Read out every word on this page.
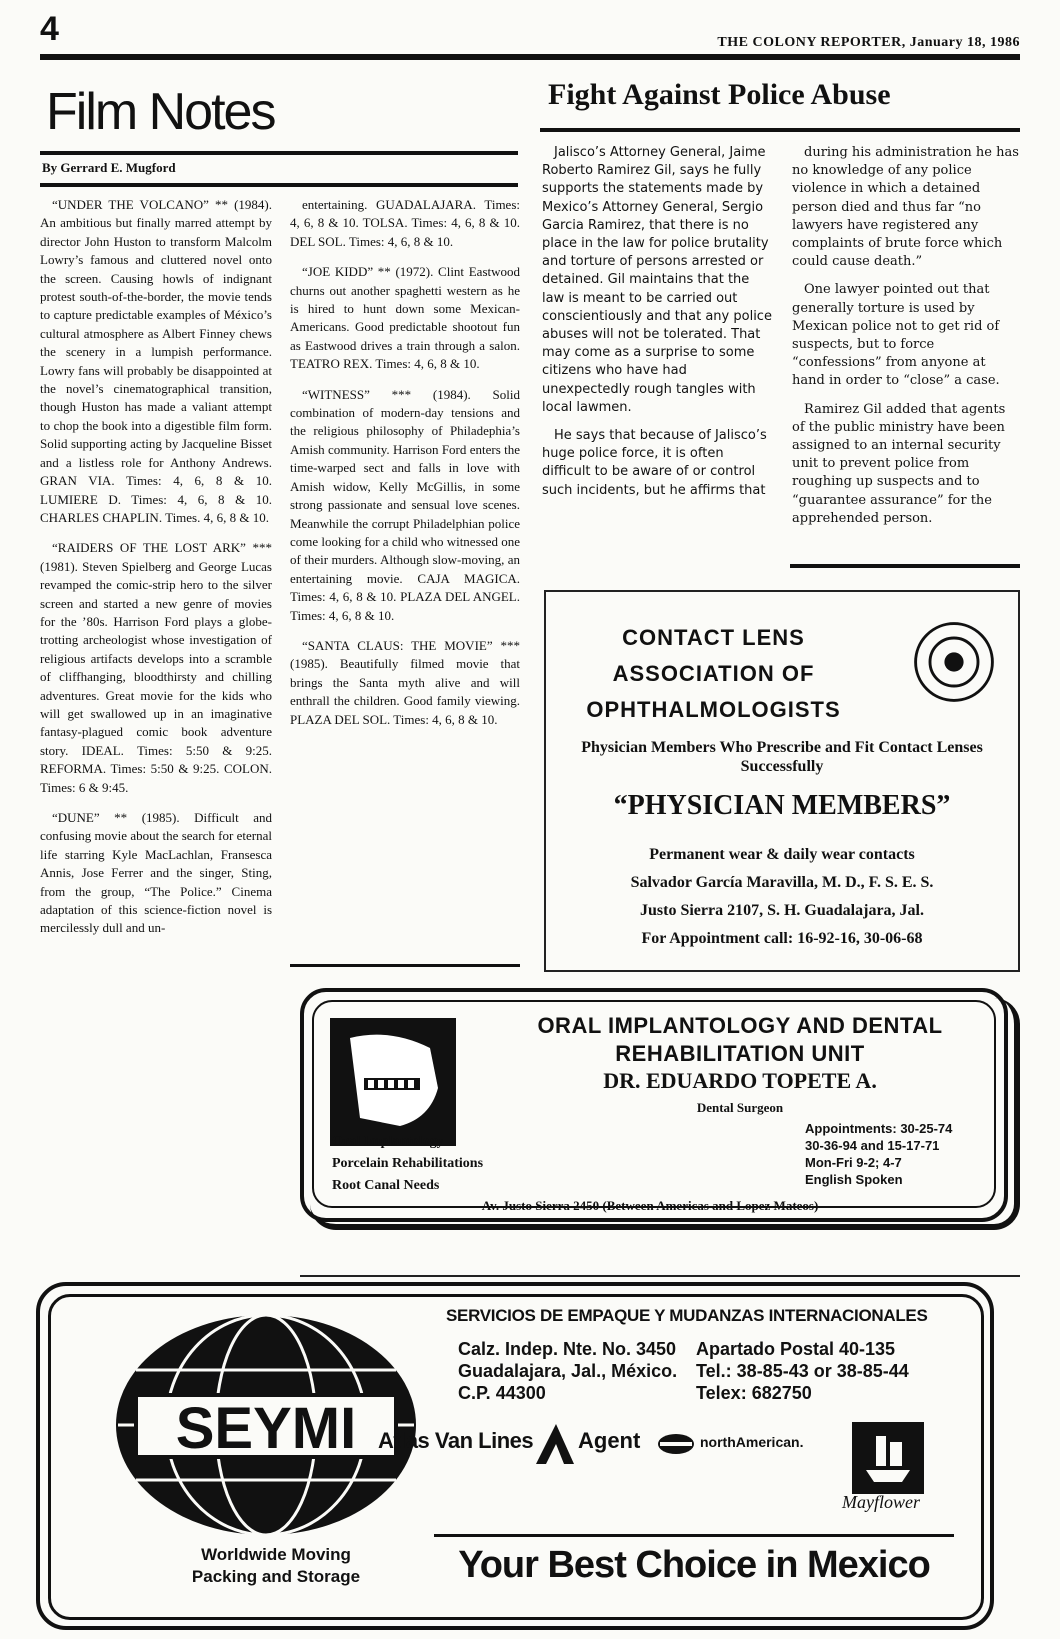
4	THE COLONY REPORTER, January 18, 1986
Film Notes
By Gerrard E. Mugford

“UNDER THE VOLCANO” ** (1984). An ambitious but finally marred attempt by director John Huston to transform Malcolm Lowry’s famous and cluttered novel onto the screen. Causing howls of indignant protest south-of-the-border, the movie tends to capture predictable examples of México’s cultural atmosphere as Albert Finney chews the scenery in a lumpish performance. Lowry fans will probably be disappointed at the novel’s cinematographical transition, though Huston has made a valiant attempt to chop the book into a digestible film form. Solid supporting acting by Jacqueline Bisset and a listless role for Anthony Andrews. GRAN VIA. Times: 4, 6, 8 & 10. LUMIERE D. Times: 4, 6, 8 & 10. CHARLES CHAPLIN. Times. 4, 6, 8 & 10.

“RAIDERS OF THE LOST ARK” *** (1981). Steven Spielberg and George Lucas revamped the comic-strip hero to the silver screen and started a new genre of movies for the ’80s. Harrison Ford plays a globe-trotting archeologist whose investigation of religious artifacts develops into a scramble of cliffhanging, bloodthirsty and chilling adventures. Great movie for the kids who will get swallowed up in an imaginative fantasy-plagued comic book adventure story. IDEAL. Times: 5:50 & 9:25. REFORMA. Times: 5:50 & 9:25. COLON. Times: 6 & 9:45.

“DUNE” ** (1985). Difficult and confusing movie about the search for eternal life starring Kyle MacLachlan, Fransesca Annis, Jose Ferrer and the singer, Sting, from the group, “The Police.” Cinema adaptation of this science-fiction novel is mercilessly dull and un-

entertaining. GUADALAJARA. Times: 4, 6, 8 & 10. TOLSA. Times: 4, 6, 8 & 10. DEL SOL. Times: 4, 6, 8 & 10.

“JOE KIDD” ** (1972). Clint Eastwood churns out another spaghetti western as he is hired to hunt down some Mexican-Americans. Good predictable shootout fun as Eastwood drives a train through a salon. TEATRO REX. Times: 4, 6, 8 & 10.

“WITNESS” *** (1984). Solid combination of modern-day tensions and the religious philosophy of Philadephia’s Amish community. Harrison Ford enters the time-warped sect and falls in love with Amish widow, Kelly McGillis, in some strong passionate and sensual love scenes. Meanwhile the corrupt Philadelphian police come looking for a child who witnessed one of their murders. Although slow-moving, an entertaining movie. CAJA MAGICA. Times: 4, 6, 8 & 10. PLAZA DEL ANGEL. Times: 4, 6, 8 & 10.

“SANTA CLAUS: THE MOVIE” *** (1985). Beautifully filmed movie that brings the Santa myth alive and will enthrall the children. Good family viewing. PLAZA DEL SOL. Times: 4, 6, 8 & 10.

Fight Against Police Abuse

Jalisco’s Attorney General, Jaime Roberto Ramirez Gil, says he fully supports the statements made by Mexico’s Attorney General, Sergio Garcia Ramirez, that there is no place in the law for police brutality and torture of persons arrested or detained. Gil maintains that the law is meant to be carried out conscientiously and that any police abuses will not be tolerated. That may come as a surprise to some citizens who have had unexpectedly rough tangles with local lawmen.

He says that because of Jalisco’s huge police force, it is often difficult to be aware of or control such incidents, but he affirms that

during his administration he has no knowledge of any police violence in which a detained person died and thus far “no lawyers have registered any complaints of brute force which could cause death.”

One lawyer pointed out that generally torture is used by Mexican police not to get rid of suspects, but to force “confessions” from anyone at hand in order to “close” a case.

Ramirez Gil added that agents of the public ministry have been assigned to an internal security unit to prevent police from roughing up suspects and to “guarantee assurance” for the apprehended person.

CONTACT LENS
ASSOCIATION OF
OPHTHALMOLOGISTS
Physician Members Who Prescribe and Fit Contact Lenses Successfully
“PHYSICIAN MEMBERS”
Permanent wear & daily wear contacts
Salvador García Maravilla, M. D., F. S. E. S.
Justo Sierra 2107, S. H. Guadalajara, Jal.
For Appointment call: 16-92-16, 30-06-68
ORAL IMPLANTOLOGY AND DENTAL REHABILITATION UNIT
DR. EDUARDO TOPETE A.
Dental Surgeon
Oral Implantology
Porcelain Rehabilitations
Root Canal Needs
Appointments: 30-25-74
30-36-94 and 15-17-71
Mon-Fri 9-2; 4-7
English Spoken
Av. Justo Sierra 2450 (Between Americas and Lopez Mateos)
SEYMI
Worldwide Moving
Packing and Storage
SERVICIOS DE EMPAQUE Y MUDANZAS INTERNACIONALES
Calz. Indep. Nte. No. 3450
Guadalajara, Jal., México.
C.P. 44300
Apartado Postal 40-135
Tel.: 38-85-43 or 38-85-44
Telex: 682750
Atlas Van Lines Agent	northAmerican.
Mayflower
Your Best Choice in Mexico
